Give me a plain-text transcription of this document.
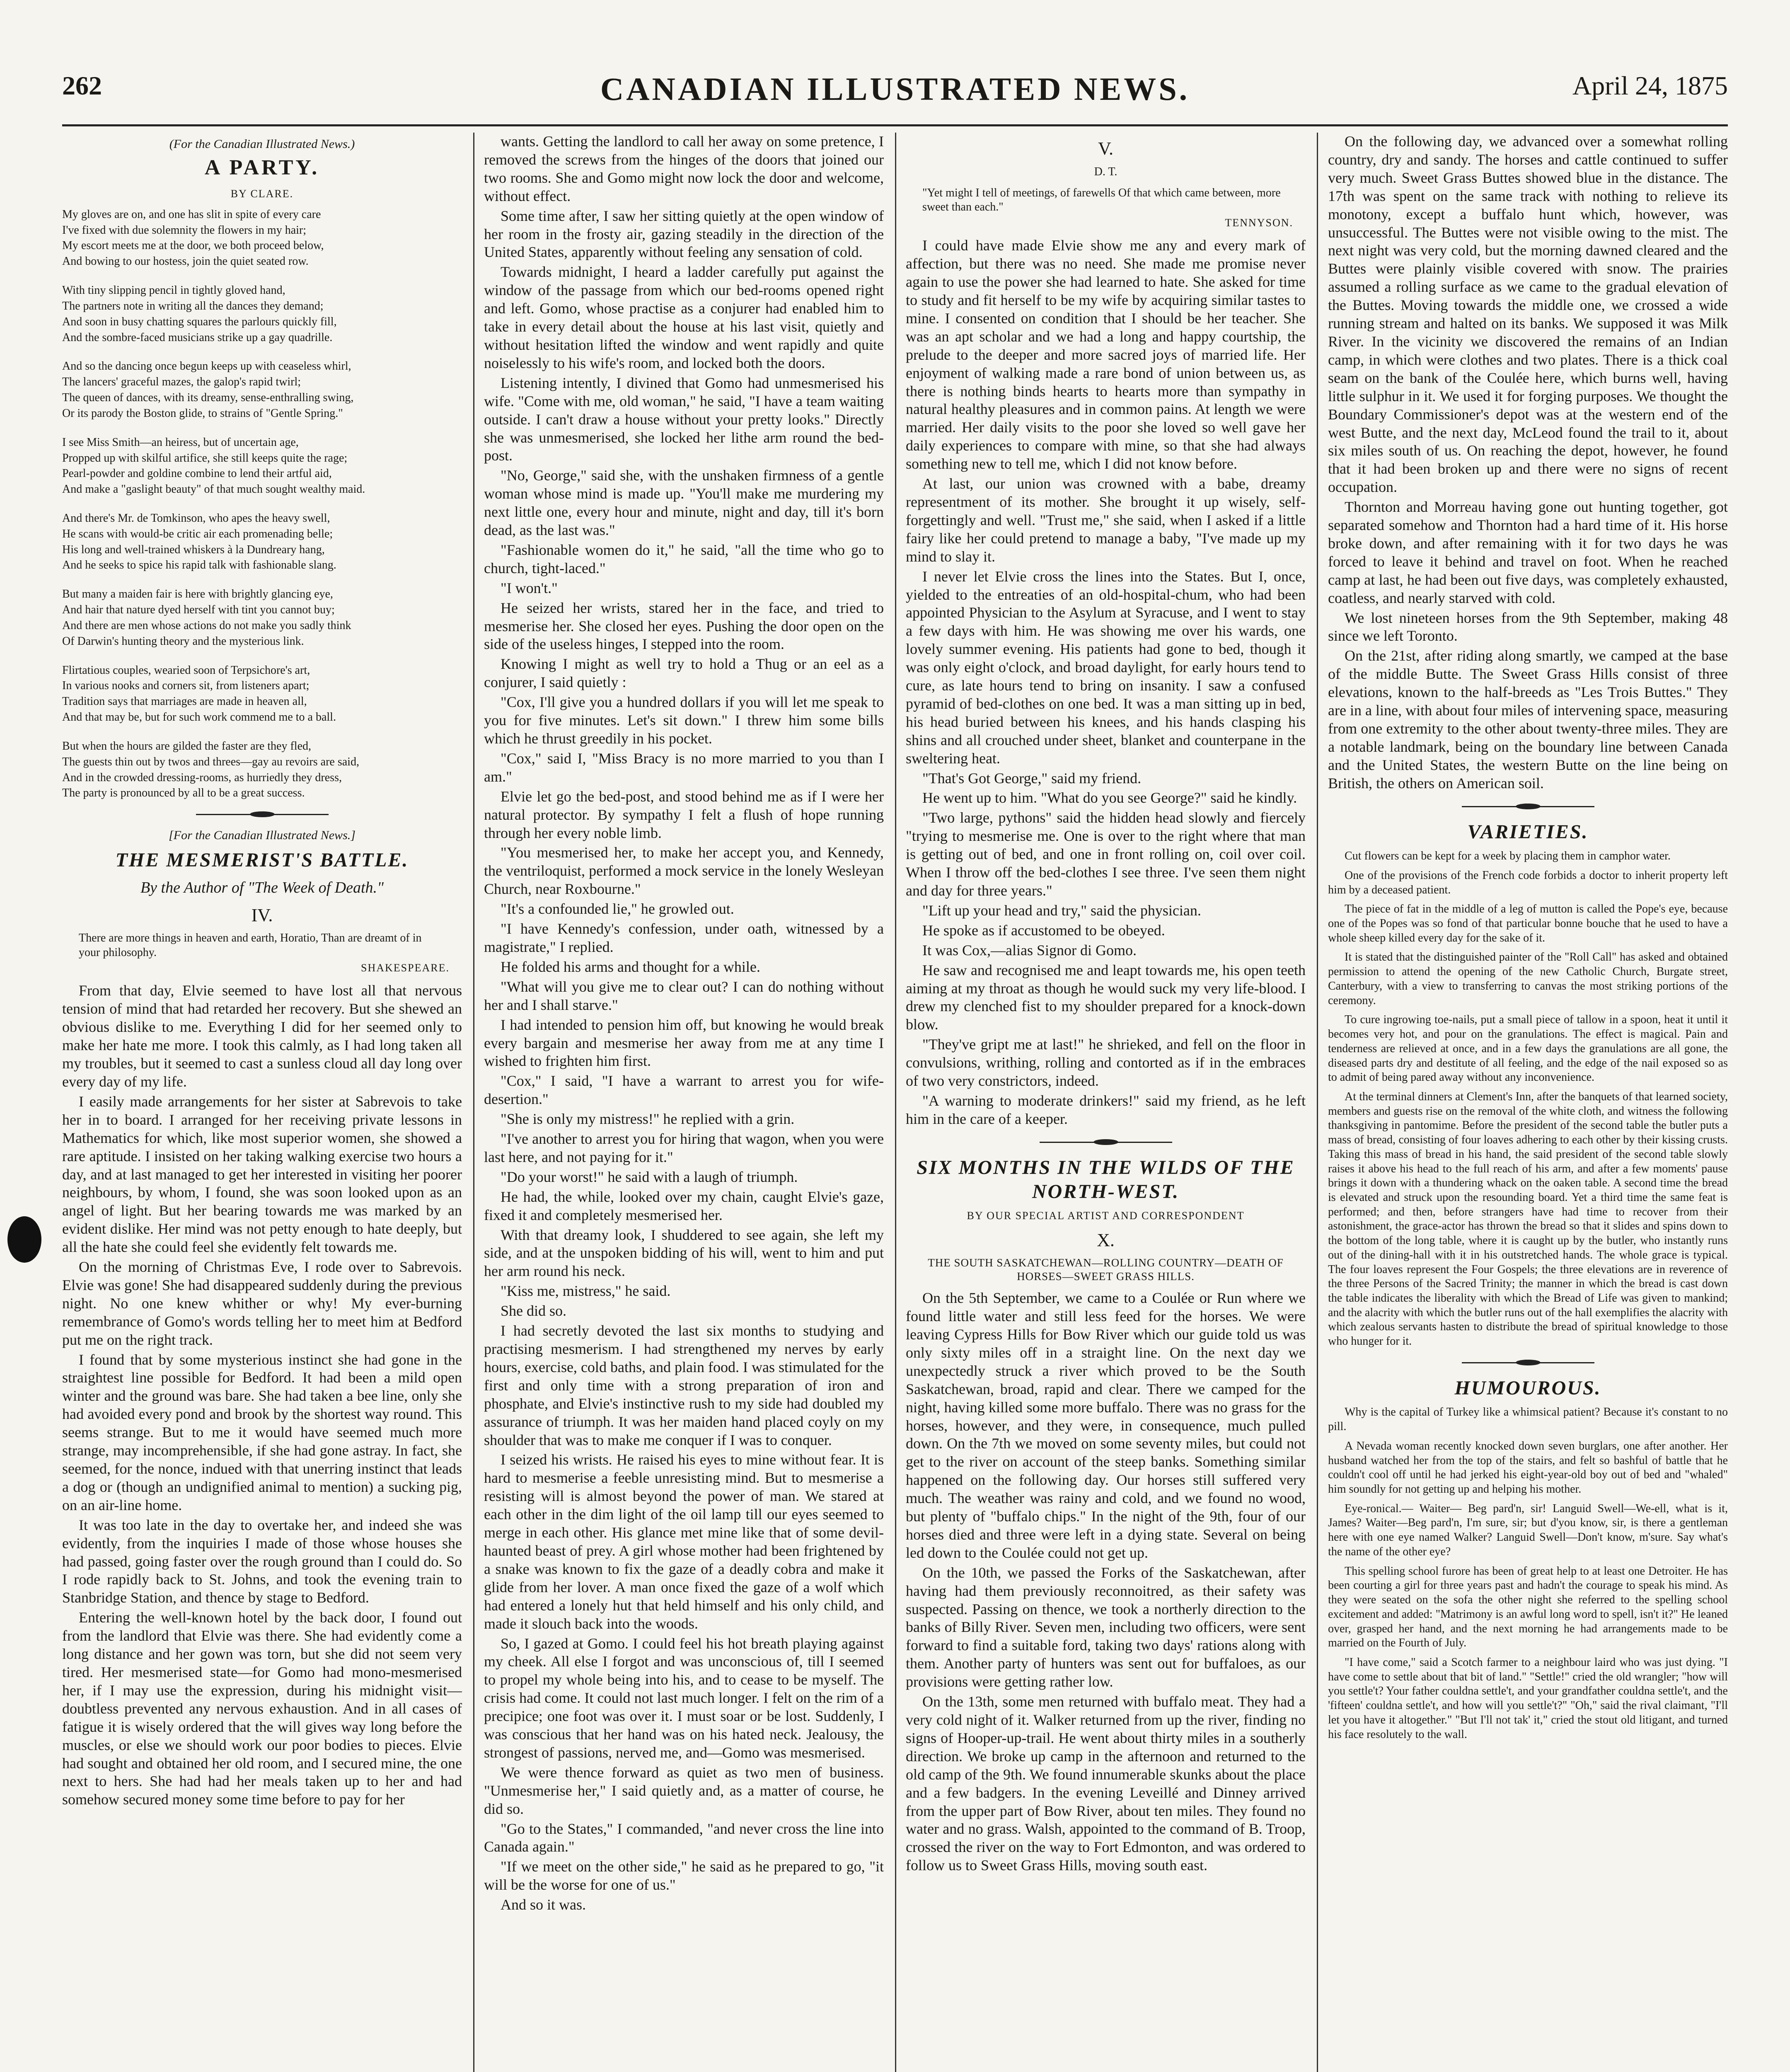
262	CANADIAN ILLUSTRATED NEWS.	April 24, 1875
(For the Canadian Illustrated News.)
A PARTY.
BY CLARE.
My gloves are on, and one has slit in spite of every care
I've fixed with due solemnity the flowers in my hair;
My escort meets me at the door, we both proceed below,
And bowing to our hostess, join the quiet seated row.
With tiny slipping pencil in tightly gloved hand,
The partners note in writing all the dances they demand;
And soon in busy chatting squares the parlours quickly fill,
And the sombre-faced musicians strike up a gay quadrille.
And so the dancing once begun keeps up with ceaseless whirl,
The lancers' graceful mazes, the galop's rapid twirl;
The queen of dances, with its dreamy, sense-enthralling swing,
Or its parody the Boston glide, to strains of "Gentle Spring."
I see Miss Smith—an heiress, but of uncertain age,
Propped up with skilful artifice, she still keeps quite the rage;
Pearl-powder and goldine combine to lend their artful aid,
And make a "gaslight beauty" of that much sought wealthy maid.
And there's Mr. de Tomkinson, who apes the heavy swell,
He scans with would-be critic air each promenading belle;
His long and well-trained whiskers à la Dundreary hang,
And he seeks to spice his rapid talk with fashionable slang.
But many a maiden fair is here with brightly glancing eye,
And hair that nature dyed herself with tint you cannot buy;
And there are men whose actions do not make you sadly think
Of Darwin's hunting theory and the mysterious link.
Flirtatious couples, wearied soon of Terpsichore's art,
In various nooks and corners sit, from listeners apart;
Tradition says that marriages are made in heaven all,
And that may be, but for such work commend me to a ball.
But when the hours are gilded the faster are they fled,
The guests thin out by twos and threes—gay au revoirs are said,
And in the crowded dressing-rooms, as hurriedly they dress,
The party is pronounced by all to be a great success.
[For the Canadian Illustrated News.]
THE MESMERIST'S BATTLE.
By the Author of "The Week of Death."
IV.
There are more things in heaven and earth, Horatio, Than are dreamt of in your philosophy.
SHAKESPEARE.

From that day, Elvie seemed to have lost all that nervous tension of mind that had retarded her recovery. But she shewed an obvious dislike to me. Everything I did for her seemed only to make her hate me more. I took this calmly, as I had long taken all my troubles, but it seemed to cast a sunless cloud all day long over every day of my life.

I easily made arrangements for her sister at Sabrevois to take her in to board. I arranged for her receiving private lessons in Mathematics for which, like most superior women, she showed a rare aptitude. I insisted on her taking walking exercise two hours a day, and at last managed to get her interested in visiting her poorer neighbours, by whom, I found, she was soon looked upon as an angel of light. But her bearing towards me was marked by an evident dislike. Her mind was not petty enough to hate deeply, but all the hate she could feel she evidently felt towards me.

On the morning of Christmas Eve, I rode over to Sabrevois. Elvie was gone! She had disappeared suddenly during the previous night. No one knew whither or why! My ever-burning remembrance of Gomo's words telling her to meet him at Bedford put me on the right track.

I found that by some mysterious instinct she had gone in the straightest line possible for Bedford. It had been a mild open winter and the ground was bare. She had taken a bee line, only she had avoided every pond and brook by the shortest way round. This seems strange. But to me it would have seemed much more strange, may incomprehensible, if she had gone astray. In fact, she seemed, for the nonce, indued with that unerring instinct that leads a dog or (though an undignified animal to mention) a sucking pig, on an air-line home.

It was too late in the day to overtake her, and indeed she was evidently, from the inquiries I made of those whose houses she had passed, going faster over the rough ground than I could do. So I rode rapidly back to St. Johns, and took the evening train to Stanbridge Station, and thence by stage to Bedford.

Entering the well-known hotel by the back door, I found out from the landlord that Elvie was there. She had evidently come a long distance and her gown was torn, but she did not seem very tired. Her mesmerised state—for Gomo had mono-mesmerised her, if I may use the expression, during his midnight visit—doubtless prevented any nervous exhaustion. And in all cases of fatigue it is wisely ordered that the will gives way long before the muscles, or else we should work our poor bodies to pieces. Elvie had sought and obtained her old room, and I secured mine, the one next to hers. She had had her meals taken up to her and had somehow secured money some time before to pay for her

wants. Getting the landlord to call her away on some pretence, I removed the screws from the hinges of the doors that joined our two rooms. She and Gomo might now lock the door and welcome, without effect.

Some time after, I saw her sitting quietly at the open window of her room in the frosty air, gazing steadily in the direction of the United States, apparently without feeling any sensation of cold.

Towards midnight, I heard a ladder carefully put against the window of the passage from which our bed-rooms opened right and left. Gomo, whose practise as a conjurer had enabled him to take in every detail about the house at his last visit, quietly and without hesitation lifted the window and went rapidly and quite noiselessly to his wife's room, and locked both the doors.

Listening intently, I divined that Gomo had unmesmerised his wife. "Come with me, old woman," he said, "I have a team waiting outside. I can't draw a house without your pretty looks." Directly she was unmesmerised, she locked her lithe arm round the bed-post.

"No, George," said she, with the unshaken firmness of a gentle woman whose mind is made up. "You'll make me murdering my next little one, every hour and minute, night and day, till it's born dead, as the last was."

"Fashionable women do it," he said, "all the time who go to church, tight-laced."

"I won't."

He seized her wrists, stared her in the face, and tried to mesmerise her. She closed her eyes. Pushing the door open on the side of the useless hinges, I stepped into the room.

Knowing I might as well try to hold a Thug or an eel as a conjurer, I said quietly :

"Cox, I'll give you a hundred dollars if you will let me speak to you for five minutes. Let's sit down." I threw him some bills which he thrust greedily in his pocket.

"Cox," said I, "Miss Bracy is no more married to you than I am."

Elvie let go the bed-post, and stood behind me as if I were her natural protector. By sympathy I felt a flush of hope running through her every noble limb.

"You mesmerised her, to make her accept you, and Kennedy, the ventriloquist, performed a mock service in the lonely Wesleyan Church, near Roxbourne."

"It's a confounded lie," he growled out.

"I have Kennedy's confession, under oath, witnessed by a magistrate," I replied.

He folded his arms and thought for a while.

"What will you give me to clear out? I can do nothing without her and I shall starve."

I had intended to pension him off, but knowing he would break every bargain and mesmerise her away from me at any time I wished to frighten him first.

"Cox," I said, "I have a warrant to arrest you for wife-desertion."

"She is only my mistress!" he replied with a grin.

"I've another to arrest you for hiring that wagon, when you were last here, and not paying for it."

"Do your worst!" he said with a laugh of triumph.

He had, the while, looked over my chain, caught Elvie's gaze, fixed it and completely mesmerised her.

With that dreamy look, I shuddered to see again, she left my side, and at the unspoken bidding of his will, went to him and put her arm round his neck.

"Kiss me, mistress," he said.

She did so.

I had secretly devoted the last six months to studying and practising mesmerism. I had strengthened my nerves by early hours, exercise, cold baths, and plain food. I was stimulated for the first and only time with a strong preparation of iron and phosphate, and Elvie's instinctive rush to my side had doubled my assurance of triumph. It was her maiden hand placed coyly on my shoulder that was to make me conquer if I was to conquer.

I seized his wrists. He raised his eyes to mine without fear. It is hard to mesmerise a feeble unresisting mind. But to mesmerise a resisting will is almost beyond the power of man. We stared at each other in the dim light of the oil lamp till our eyes seemed to merge in each other. His glance met mine like that of some devil-haunted beast of prey. A girl whose mother had been frightened by a snake was known to fix the gaze of a deadly cobra and make it glide from her lover. A man once fixed the gaze of a wolf which had entered a lonely hut that held himself and his only child, and made it slouch back into the woods.

So, I gazed at Gomo. I could feel his hot breath playing against my cheek. All else I forgot and was unconscious of, till I seemed to propel my whole being into his, and to cease to be myself. The crisis had come. It could not last much longer. I felt on the rim of a precipice; one foot was over it. I must soar or be lost. Suddenly, I was conscious that her hand was on his hated neck. Jealousy, the strongest of passions, nerved me, and—Gomo was mesmerised.

We were thence forward as quiet as two men of business. "Unmesmerise her," I said quietly and, as a matter of course, he did so.

"Go to the States," I commanded, "and never cross the line into Canada again."

"If we meet on the other side," he said as he prepared to go, "it will be the worse for one of us."

And so it was.

V.
D. T.
"Yet might I tell of meetings, of farewells Of that which came between, more sweet than each."
TENNYSON.

I could have made Elvie show me any and every mark of affection, but there was no need. She made me promise never again to use the power she had learned to hate. She asked for time to study and fit herself to be my wife by acquiring similar tastes to mine. I consented on condition that I should be her teacher. She was an apt scholar and we had a long and happy courtship, the prelude to the deeper and more sacred joys of married life. Her enjoyment of walking made a rare bond of union between us, as there is nothing binds hearts to hearts more than sympathy in natural healthy pleasures and in common pains. At length we were married. Her daily visits to the poor she loved so well gave her daily experiences to compare with mine, so that she had always something new to tell me, which I did not know before.

At last, our union was crowned with a babe, dreamy representment of its mother. She brought it up wisely, self-forgettingly and well. "Trust me," she said, when I asked if a little fairy like her could pretend to manage a baby, "I've made up my mind to slay it.

I never let Elvie cross the lines into the States. But I, once, yielded to the entreaties of an old-hospital-chum, who had been appointed Physician to the Asylum at Syracuse, and I went to stay a few days with him. He was showing me over his wards, one lovely summer evening. His patients had gone to bed, though it was only eight o'clock, and broad daylight, for early hours tend to cure, as late hours tend to bring on insanity. I saw a confused pyramid of bed-clothes on one bed. It was a man sitting up in bed, his head buried between his knees, and his hands clasping his shins and all crouched under sheet, blanket and counterpane in the sweltering heat.

"That's Got George," said my friend.

He went up to him. "What do you see George?" said he kindly.

"Two large, pythons" said the hidden head slowly and fiercely "trying to mesmerise me. One is over to the right where that man is getting out of bed, and one in front rolling on, coil over coil. When I throw off the bed-clothes I see three. I've seen them night and day for three years."

"Lift up your head and try," said the physician.

He spoke as if accustomed to be obeyed.

It was Cox,—alias Signor di Gomo.

He saw and recognised me and leapt towards me, his open teeth aiming at my throat as though he would suck my very life-blood. I drew my clenched fist to my shoulder prepared for a knock-down blow.

"They've gript me at last!" he shrieked, and fell on the floor in convulsions, writhing, rolling and contorted as if in the embraces of two very constrictors, indeed.

"A warning to moderate drinkers!" said my friend, as he left him in the care of a keeper.

SIX MONTHS IN THE WILDS OF THE NORTH-WEST.
BY OUR SPECIAL ARTIST AND CORRESPONDENT
X.
THE SOUTH SASKATCHEWAN—ROLLING COUNTRY—DEATH OF HORSES—SWEET GRASS HILLS.

On the 5th September, we came to a Coulée or Run where we found little water and still less feed for the horses. We were leaving Cypress Hills for Bow River which our guide told us was only sixty miles off in a straight line. On the next day we unexpectedly struck a river which proved to be the South Saskatchewan, broad, rapid and clear. There we camped for the night, having killed some more buffalo. There was no grass for the horses, however, and they were, in consequence, much pulled down. On the 7th we moved on some seventy miles, but could not get to the river on account of the steep banks. Something similar happened on the following day. Our horses still suffered very much. The weather was rainy and cold, and we found no wood, but plenty of "buffalo chips." In the night of the 9th, four of our horses died and three were left in a dying state. Several on being led down to the Coulée could not get up.

On the 10th, we passed the Forks of the Saskatchewan, after having had them previously reconnoitred, as their safety was suspected. Passing on thence, we took a northerly direction to the banks of Billy River. Seven men, including two officers, were sent forward to find a suitable ford, taking two days' rations along with them. Another party of hunters was sent out for buffaloes, as our provisions were getting rather low.

On the 13th, some men returned with buffalo meat. They had a very cold night of it. Walker returned from up the river, finding no signs of Hooper-up-trail. He went about thirty miles in a southerly direction. We broke up camp in the afternoon and returned to the old camp of the 9th. We found innumerable skunks about the place and a few badgers. In the evening Leveillé and Dinney arrived from the upper part of Bow River, about ten miles. They found no water and no grass. Walsh, appointed to the command of B. Troop, crossed the river on the way to Fort Edmonton, and was ordered to follow us to Sweet Grass Hills, moving south east.

On the following day, we advanced over a somewhat rolling country, dry and sandy. The horses and cattle continued to suffer very much. Sweet Grass Buttes showed blue in the distance. The 17th was spent on the same track with nothing to relieve its monotony, except a buffalo hunt which, however, was unsuccessful. The Buttes were not visible owing to the mist. The next night was very cold, but the morning dawned cleared and the Buttes were plainly visible covered with snow. The prairies assumed a rolling surface as we came to the gradual elevation of the Buttes. Moving towards the middle one, we crossed a wide running stream and halted on its banks. We supposed it was Milk River. In the vicinity we discovered the remains of an Indian camp, in which were clothes and two plates. There is a thick coal seam on the bank of the Coulée here, which burns well, having little sulphur in it. We used it for forging purposes. We thought the Boundary Commissioner's depot was at the western end of the west Butte, and the next day, McLeod found the trail to it, about six miles south of us. On reaching the depot, however, he found that it had been broken up and there were no signs of recent occupation.

Thornton and Morreau having gone out hunting together, got separated somehow and Thornton had a hard time of it. His horse broke down, and after remaining with it for two days he was forced to leave it behind and travel on foot. When he reached camp at last, he had been out five days, was completely exhausted, coatless, and nearly starved with cold.

We lost nineteen horses from the 9th September, making 48 since we left Toronto.

On the 21st, after riding along smartly, we camped at the base of the middle Butte. The Sweet Grass Hills consist of three elevations, known to the half-breeds as "Les Trois Buttes." They are in a line, with about four miles of intervening space, measuring from one extremity to the other about twenty-three miles. They are a notable landmark, being on the boundary line between Canada and the United States, the western Butte on the line being on British, the others on American soil.

VARIETIES.

Cut flowers can be kept for a week by placing them in camphor water.

One of the provisions of the French code forbids a doctor to inherit property left him by a deceased patient.

The piece of fat in the middle of a leg of mutton is called the Pope's eye, because one of the Popes was so fond of that particular bonne bouche that he used to have a whole sheep killed every day for the sake of it.

It is stated that the distinguished painter of the "Roll Call" has asked and obtained permission to attend the opening of the new Catholic Church, Burgate street, Canterbury, with a view to transferring to canvas the most striking portions of the ceremony.

To cure ingrowing toe-nails, put a small piece of tallow in a spoon, heat it until it becomes very hot, and pour on the granulations. The effect is magical. Pain and tenderness are relieved at once, and in a few days the granulations are all gone, the diseased parts dry and destitute of all feeling, and the edge of the nail exposed so as to admit of being pared away without any inconvenience.

At the terminal dinners at Clement's Inn, after the banquets of that learned society, members and guests rise on the removal of the white cloth, and witness the following thanksgiving in pantomime. Before the president of the second table the butler puts a mass of bread, consisting of four loaves adhering to each other by their kissing crusts. Taking this mass of bread in his hand, the said president of the second table slowly raises it above his head to the full reach of his arm, and after a few moments' pause brings it down with a thundering whack on the oaken table. A second time the bread is elevated and struck upon the resounding board. Yet a third time the same feat is performed; and then, before strangers have had time to recover from their astonishment, the grace-actor has thrown the bread so that it slides and spins down to the bottom of the long table, where it is caught up by the butler, who instantly runs out of the dining-hall with it in his outstretched hands. The whole grace is typical. The four loaves represent the Four Gospels; the three elevations are in reverence of the three Persons of the Sacred Trinity; the manner in which the bread is cast down the table indicates the liberality with which the Bread of Life was given to mankind; and the alacrity with which the butler runs out of the hall exemplifies the alacrity with which zealous servants hasten to distribute the bread of spiritual knowledge to those who hunger for it.

HUMOUROUS.

Why is the capital of Turkey like a whimsical patient? Because it's constant to no pill.

A Nevada woman recently knocked down seven burglars, one after another. Her husband watched her from the top of the stairs, and felt so bashful of battle that he couldn't cool off until he had jerked his eight-year-old boy out of bed and "whaled" him soundly for not getting up and helping his mother.

Eye-ronical.— Waiter— Beg pard'n, sir! Languid Swell—We-ell, what is it, James? Waiter—Beg pard'n, I'm sure, sir; but d'you know, sir, is there a gentleman here with one eye named Walker? Languid Swell—Don't know, m'sure. Say what's the name of the other eye?

This spelling school furore has been of great help to at least one Detroiter. He has been courting a girl for three years past and hadn't the courage to speak his mind. As they were seated on the sofa the other night she referred to the spelling school excitement and added: "Matrimony is an awful long word to spell, isn't it?" He leaned over, grasped her hand, and the next morning he had arrangements made to be married on the Fourth of July.

"I have come," said a Scotch farmer to a neighbour laird who was just dying. "I have come to settle about that bit of land." "Settle!" cried the old wrangler; "how will you settle't? Your father couldna settle't, and your grandfather couldna settle't, and the 'fifteen' couldna settle't, and how will you settle't?" "Oh," said the rival claimant, "I'll let you have it altogether." "But I'll not tak' it," cried the stout old litigant, and turned his face resolutely to the wall.
